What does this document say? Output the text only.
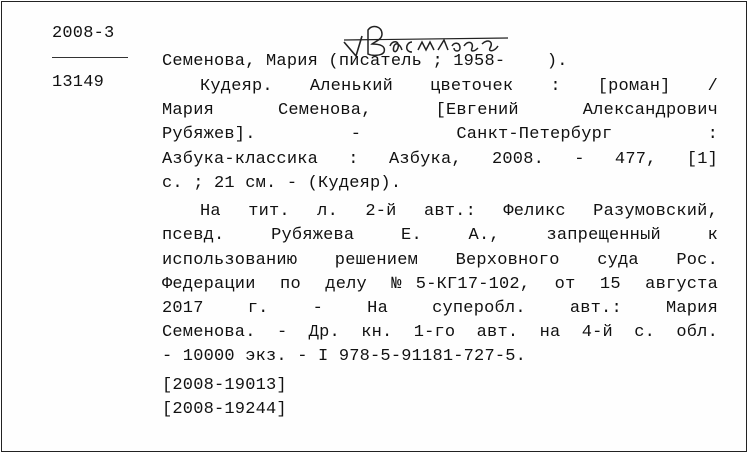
2008-3
13149
Семенова, Мария (писатель ; 1958-    ).
Кудеяр. Аленький цветочек : [роман] /
Мария Семенова, [Евгений Александрович
Рубяжев]. - Санкт-Петербург :
Азбука-классика : Азбука, 2008. - 477, [1]
с. ; 21 см. - (Кудеяр).
На тит. л. 2-й авт.: Феликс Разумовский,
псевд. Рубяжева Е. А., запрещенный к
использованию решением Верховного суда Рос.
Федерации по делу №5-КГ17-102, от 15 августа
2017 г. - На суперобл. авт.: Мария
Семенова. - Др. кн. 1-го авт. на 4-й с. обл.
- 10000 экз. - I 978-5-91181-727-5.
[2008-19013]
[2008-19244]
